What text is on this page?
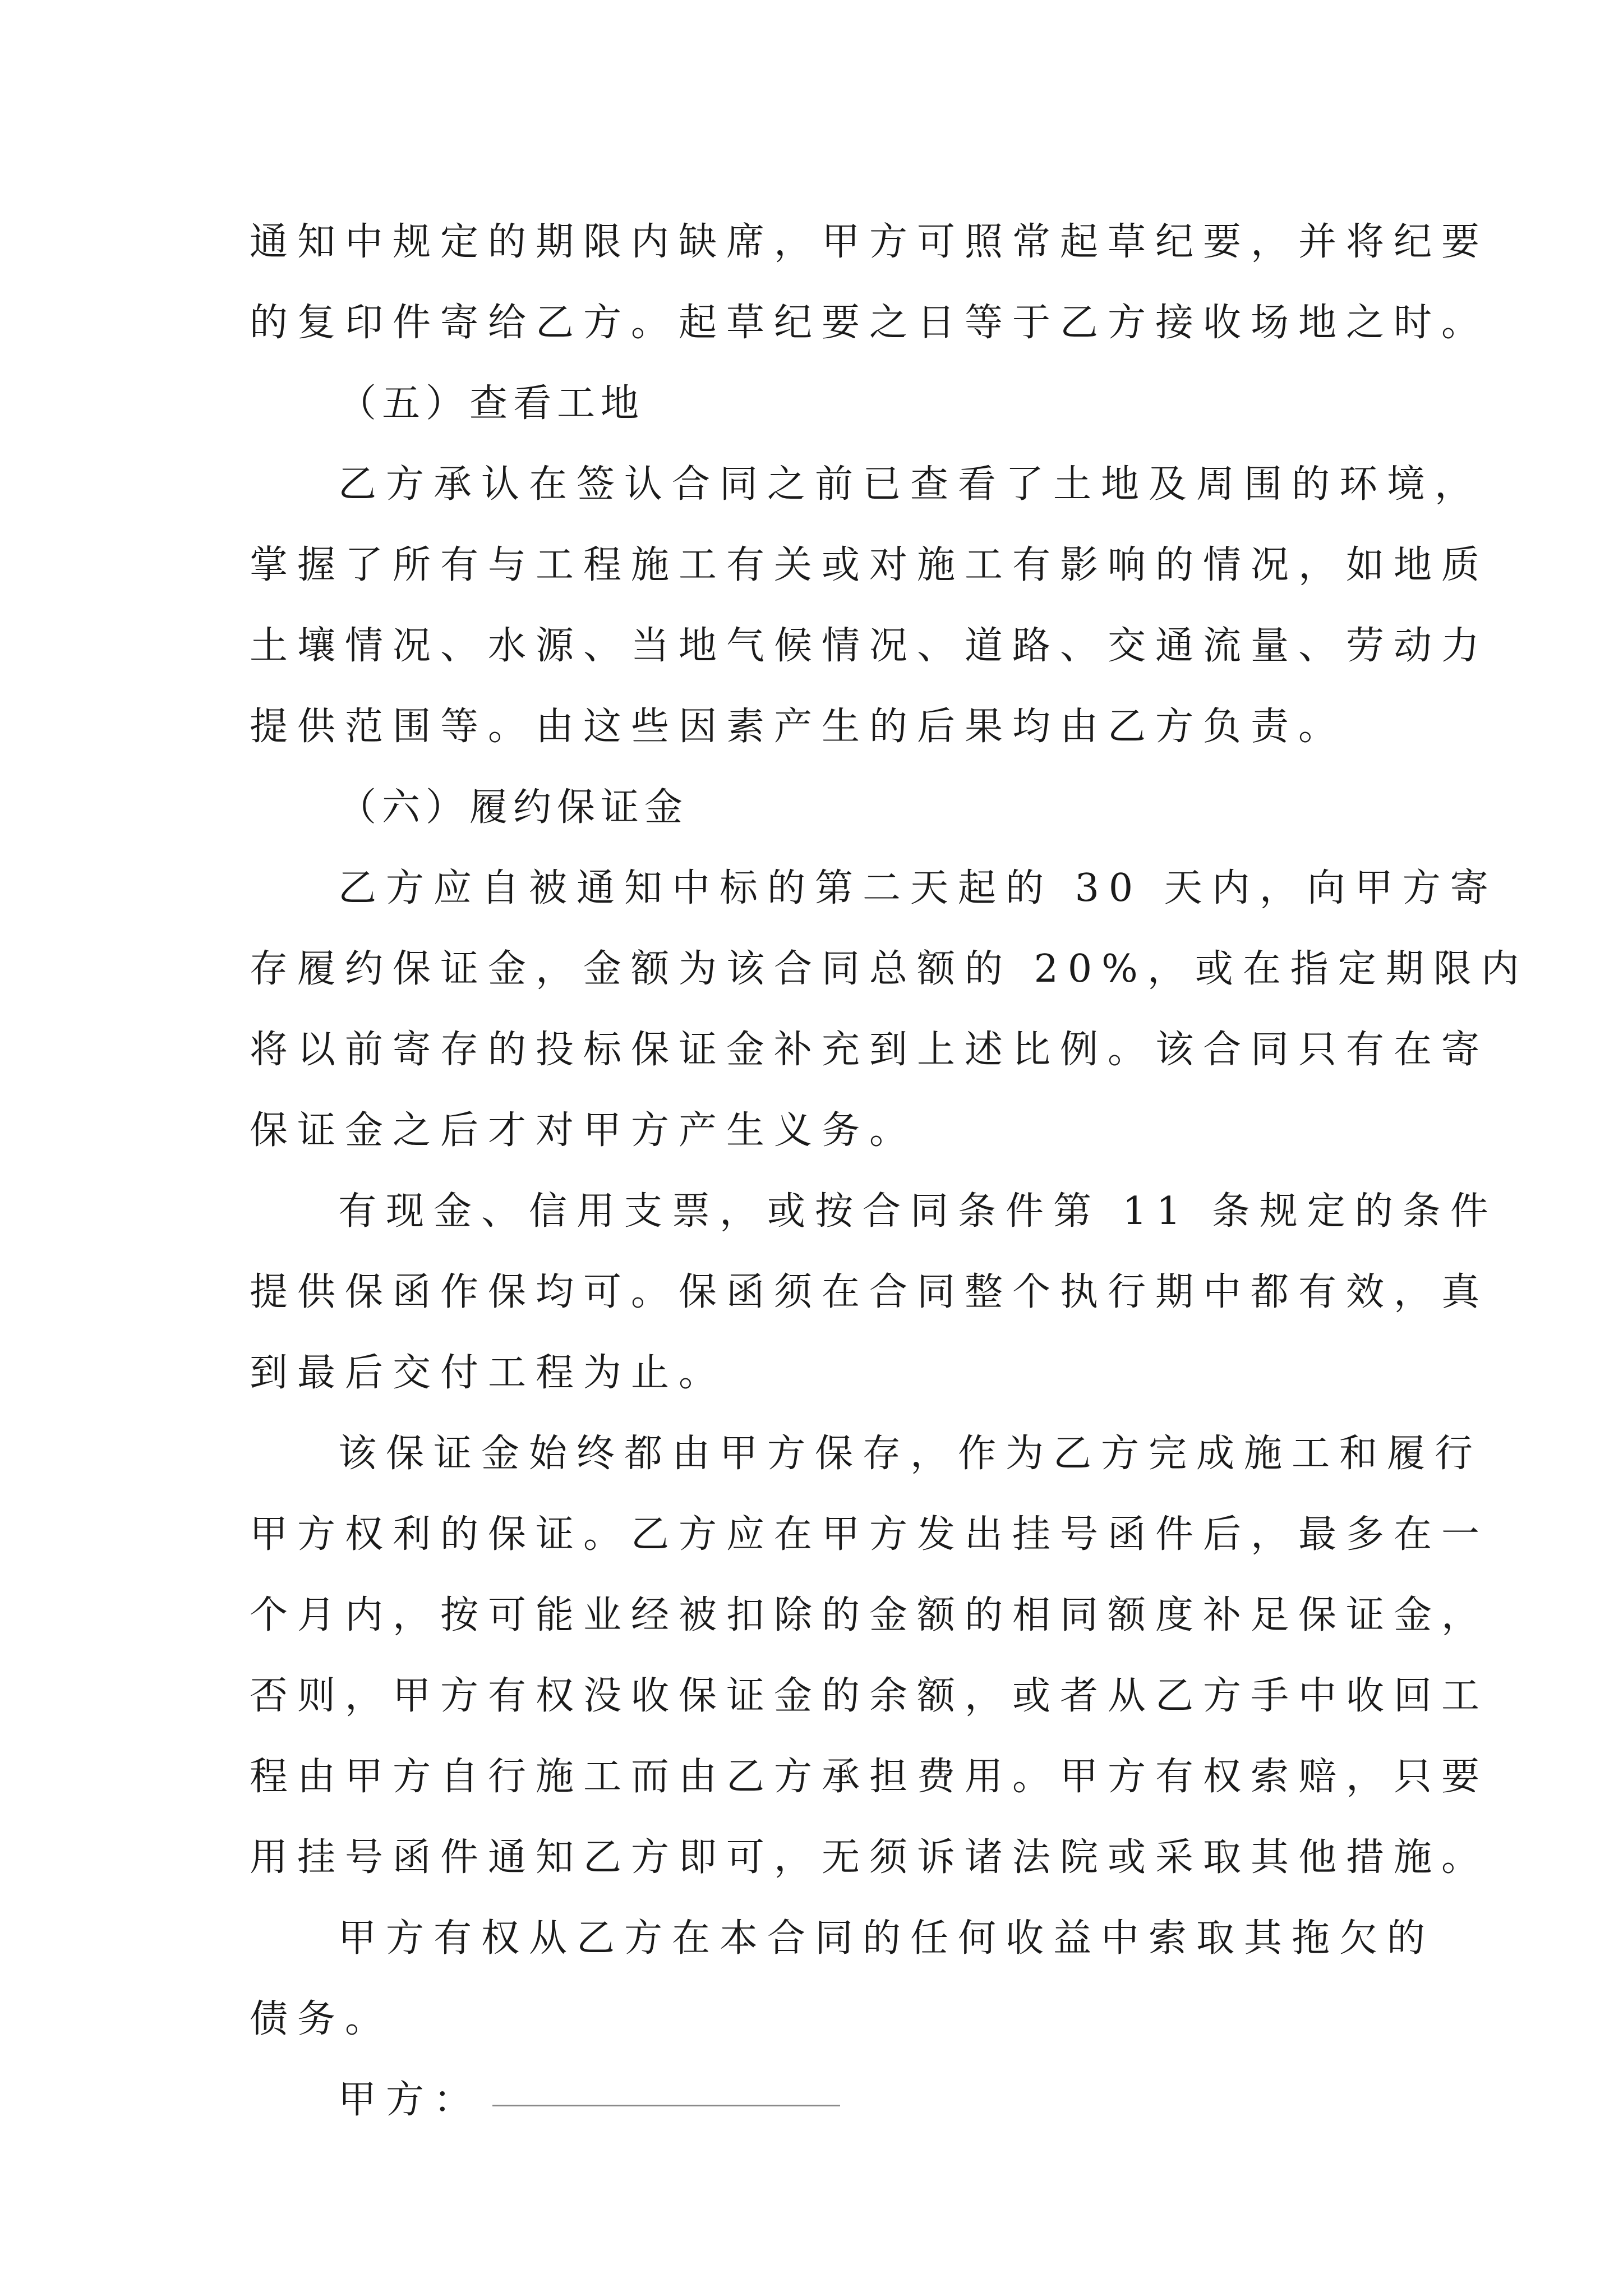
通知中规定的期限内缺席，甲方可照常起草纪要，并将纪要
的复印件寄给乙方。起草纪要之日等于乙方接收场地之时。
（五）查看工地
乙方承认在签认合同之前已查看了土地及周围的环境，
掌握了所有与工程施工有关或对施工有影响的情况，如地质
土壤情况、水源、当地气候情况、道路、交通流量、劳动力
提供范围等。由这些因素产生的后果均由乙方负责。
（六）履约保证金
乙方应自被通知中标的第二天起的 30 天内，向甲方寄
存履约保证金，金额为该合同总额的 20%，或在指定期限内
将以前寄存的投标保证金补充到上述比例。该合同只有在寄
保证金之后才对甲方产生义务。
有现金、信用支票，或按合同条件第 11 条规定的条件
提供保函作保均可。保函须在合同整个执行期中都有效，真
到最后交付工程为止。
该保证金始终都由甲方保存，作为乙方完成施工和履行
甲方权利的保证。乙方应在甲方发出挂号函件后，最多在一
个月内，按可能业经被扣除的金额的相同额度补足保证金，
否则，甲方有权没收保证金的余额，或者从乙方手中收回工
程由甲方自行施工而由乙方承担费用。甲方有权索赔，只要
用挂号函件通知乙方即可，无须诉诸法院或采取其他措施。
甲方有权从乙方在本合同的任何收益中索取其拖欠的
债务。
甲方：
